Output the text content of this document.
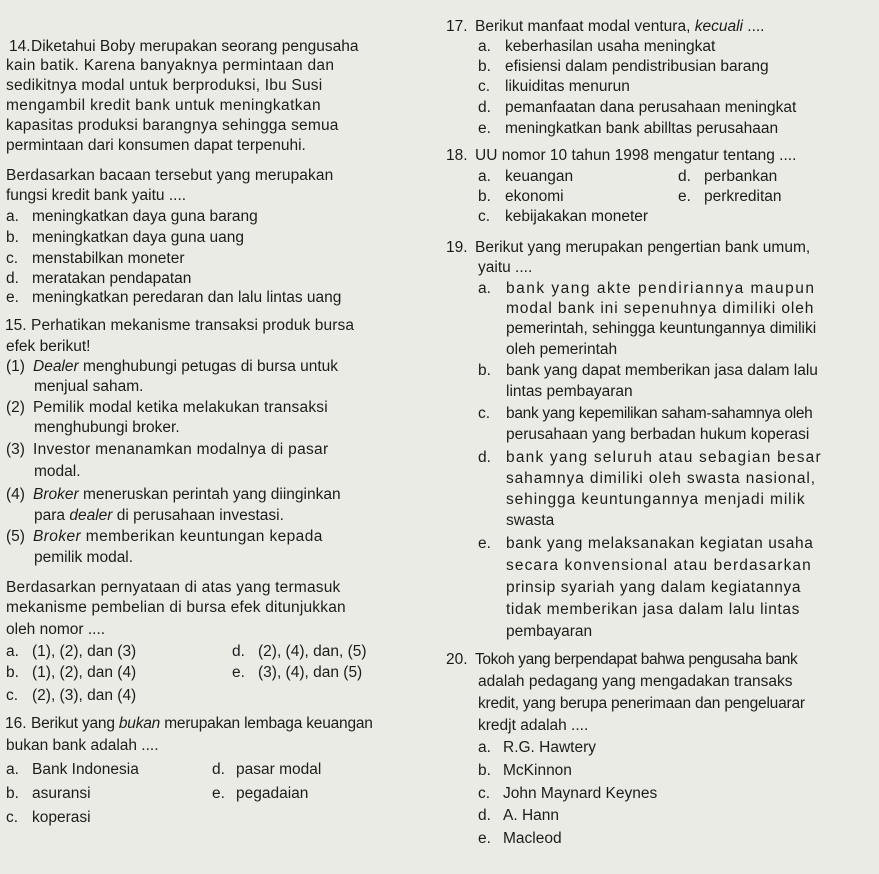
14. Diketahui Boby merupakan seorang pengusaha
kain batik. Karena banyaknya permintaan dan
sedikitnya modal untuk berproduksi, Ibu Susi
mengambil kredit bank untuk meningkatkan
kapasitas produksi barangnya sehingga semua
permintaan dari konsumen dapat terpenuhi.
Berdasarkan bacaan tersebut yang merupakan
fungsi kredit bank yaitu ....
a. meningkatkan daya guna barang
b. meningkatkan daya guna uang
c. menstabilkan moneter
d. meratakan pendapatan
e. meningkatkan peredaran dan lalu lintas uang
15. Perhatikan mekanisme transaksi produk bursa
efek berikut!
(1) Dealer menghubungi petugas di bursa untuk
menjual saham.
(2) Pemilik modal ketika melakukan transaksi
menghubungi broker.
(3) Investor menanamkan modalnya di pasar
modal.
(4) Broker meneruskan perintah yang diinginkan
para dealer di perusahaan investasi.
(5) Broker memberikan keuntungan kepada
pemilik modal.
Berdasarkan pernyataan di atas yang termasuk
mekanisme pembelian di bursa efek ditunjukkan
oleh nomor ....
a. (1), (2), dan (3)
b. (1), (2), dan (4)
c. (2), (3), dan (4)
d. (2), (4), dan, (5)
e. (3), (4), dan (5)
16. Berikut yang bukan merupakan lembaga keuangan
bukan bank adalah ....
a. Bank Indonesia
b. asuransi
c. koperasi
d. pasar modal
e. pegadaian
17. Berikut manfaat modal ventura, kecuali ....
a. keberhasilan usaha meningkat
b. efisiensi dalam pendistribusian barang
c. likuiditas menurun
d. pemanfaatan dana perusahaan meningkat
e. meningkatkan bank abilltas perusahaan
18. UU nomor 10 tahun 1998 mengatur tentang ....
a. keuangan
b. ekonomi
c. kebijakakan moneter
d. perbankan
e. perkreditan
19. Berikut yang merupakan pengertian bank umum,
yaitu ....
a. bank yang akte pendiriannya maupun
modal bank ini sepenuhnya dimiliki oleh
pemerintah, sehingga keuntungannya dimiliki
oleh pemerintah
b. bank yang dapat memberikan jasa dalam lalu
lintas pembayaran
c. bank yang kepemilikan saham-sahamnya oleh
perusahaan yang berbadan hukum koperasi
d. bank yang seluruh atau sebagian besar
sahamnya dimiliki oleh swasta nasional,
sehingga keuntungannya menjadi milik
swasta
e. bank yang melaksanakan kegiatan usaha
secara konvensional atau berdasarkan
prinsip syariah yang dalam kegiatannya
tidak memberikan jasa dalam lalu lintas
pembayaran
20. Tokoh yang berpendapat bahwa pengusaha bank
adalah pedagang yang mengadakan transaks
kredit, yang berupa penerimaan dan pengeluarar
kredjt adalah ....
a. R.G. Hawtery
b. McKinnon
c. John Maynard Keynes
d. A. Hann
e. Macleod
